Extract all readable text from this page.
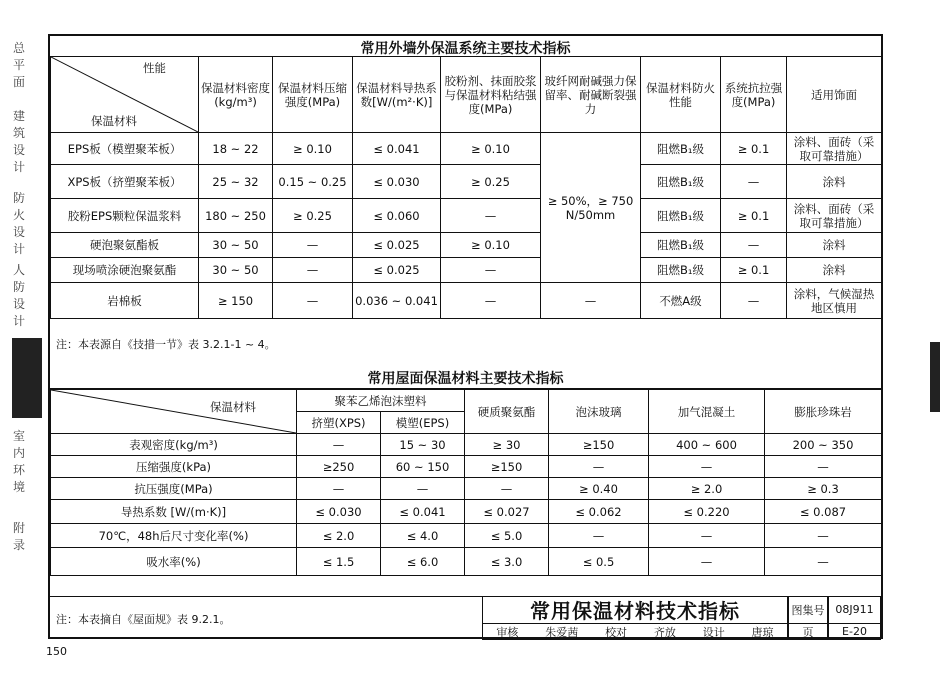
总平面
建筑设计
防火设计
人防设计
室内环境
附录
常用外墙外保温系统主要技术指标
性能
保温材料	保温材料密度(kg/m³)	保温材料压缩强度(MPa)	保温材料导热系数[W/(m²·K)]	胶粉剂、抹面胶浆与保温材料粘结强度(MPa)	玻纤网耐碱强力保留率、耐碱断裂强力	保温材料防火性能	系统抗拉强度(MPa)	适用饰面
EPS板（模塑聚苯板）	18 ~ 22	≥ 0.10	≤ 0.041	≥ 0.10	≥ 50%，≥ 750 N/50mm	阻燃B₁级	≥ 0.1	涂料、面砖（采取可靠措施）
XPS板（挤塑聚苯板）	25 ~ 32	0.15 ~ 0.25	≤ 0.030	≥ 0.25		阻燃B₁级	—	涂料
胶粉EPS颗粒保温浆料	180 ~ 250	≥ 0.25	≤ 0.060	—		阻燃B₁级	≥ 0.1	涂料、面砖（采取可靠措施）
硬泡聚氨酯板	30 ~ 50	—	≤ 0.025	≥ 0.10		阻燃B₁级	—	涂料
现场喷涂硬泡聚氨酯	30 ~ 50	—	≤ 0.025	—		阻燃B₁级	≥ 0.1	涂料
岩棉板	≥ 150	—	0.036 ~ 0.041	—	—	不燃A级	—	涂料，气候湿热地区慎用
注：本表源自《技措一节》表 3.2.1-1 ~ 4。
常用屋面保温材料主要技术指标
保温材料	聚苯乙烯泡沫塑料		硬质聚氨酯	泡沫玻璃	加气混凝土	膨胀珍珠岩
	挤塑(XPS)	模塑(EPS)				
表观密度(kg/m³)	—	15 ~ 30	≥ 30	≥150	400 ~ 600	200 ~ 350
压缩强度(kPa)	≥250	60 ~ 150	≥150	—	—	—
抗压强度(MPa)	—	—	—	≥ 0.40	≥ 2.0	≥ 0.3
导热系数 [W/(m·K)]	≤ 0.030	≤ 0.041	≤ 0.027	≤ 0.062	≤ 0.220	≤ 0.087
70℃，48h后尺寸变化率(%)	≤ 2.0	≤ 4.0	≤ 5.0	—	—	—
吸水率(%)	≤ 1.5	≤ 6.0	≤ 3.0	≤ 0.5	—	—
注：本表摘自《屋面规》表 9.2.1。	常用保温材料技术指标	图集号 08J911
审核 朱爱茜 校对 齐放 设计 唐琼	页	E-20
150
